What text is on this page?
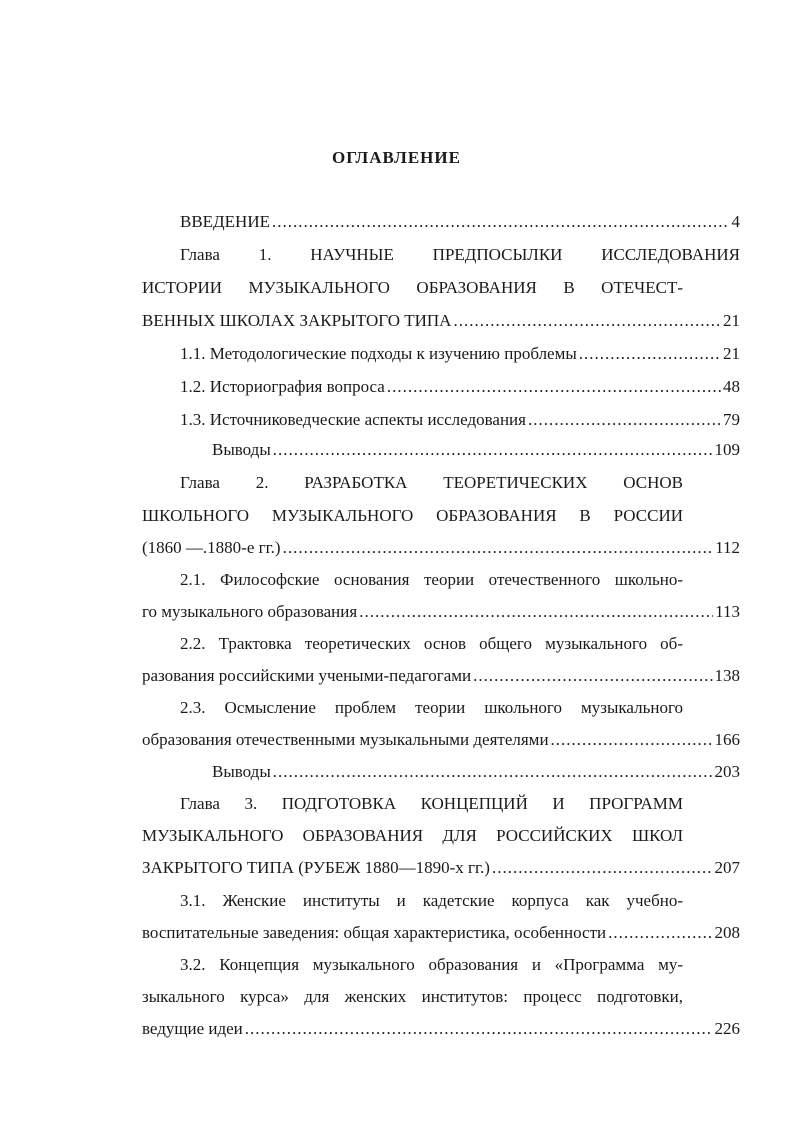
ОГЛАВЛЕНИЕ
ВВЕДЕНИЕ .....	4
Глава 1. НАУЧНЫЕ ПРЕДПОСЫЛКИ ИССЛЕДОВАНИЯ
ИСТОРИИ МУЗЫКАЛЬНОГО ОБРАЗОВАНИЯ В ОТЕЧЕСТ-
ВЕННЫХ ШКОЛАХ ЗАКРЫТОГО ТИПА .....	21
1.1. Методологические подходы к изучению проблемы .....	21
1.2. Историография вопроса .....	48
1.3. Источниковедческие аспекты исследования .....	79
Выводы .....	109
Глава 2. РАЗРАБОТКА ТЕОРЕТИЧЕСКИХ ОСНОВ
ШКОЛЬНОГО МУЗЫКАЛЬНОГО ОБРАЗОВАНИЯ В РОССИИ
(1860 —.1880-е гг.) .....	112
2.1. Философские основания теории отечественного школьно-
го музыкального образования .....	113
2.2. Трактовка теоретических основ общего музыкального об-
разования российскими учеными-педагогами .....	138
2.3. Осмысление проблем теории школьного музыкального
образования отечественными музыкальными деятелями .....	166
Выводы .....	203
Глава 3. ПОДГОТОВКА КОНЦЕПЦИЙ И ПРОГРАММ
МУЗЫКАЛЬНОГО ОБРАЗОВАНИЯ ДЛЯ РОССИЙСКИХ ШКОЛ
ЗАКРЫТОГО ТИПА (РУБЕЖ 1880—1890-х гг.) .....	207
3.1. Женские институты и кадетские корпуса как учебно-
воспитательные заведения: общая характеристика, особенности .....	208
3.2. Концепция музыкального образования и «Программа му-
зыкального курса» для женских институтов: процесс подготовки,
ведущие идеи .....	226
